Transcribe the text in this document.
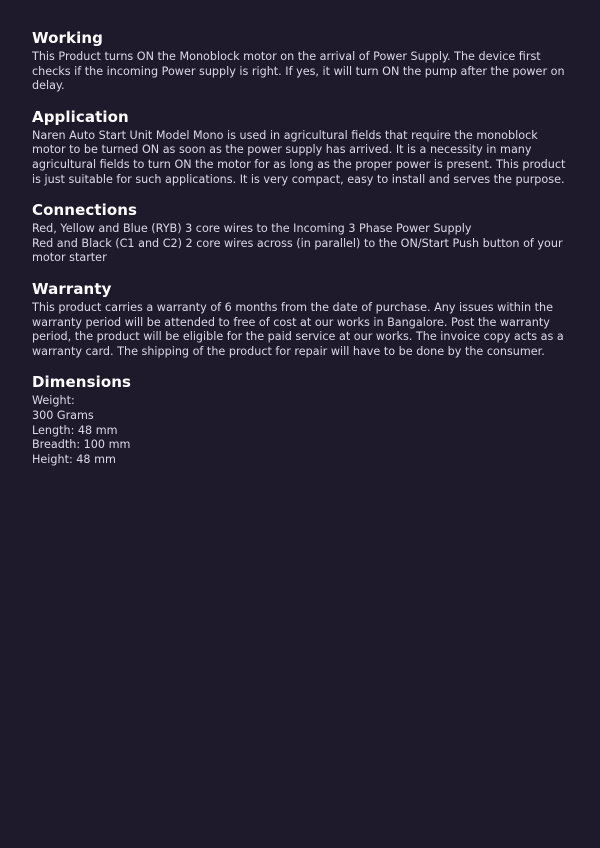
Working

This Product turns ON the Monoblock motor on the arrival of Power Supply. The device first checks if the incoming Power supply is right. If yes, it will turn ON the pump after the power on delay.

Application

Naren Auto Start Unit Model Mono is used in agricultural fields that require the monoblock motor to be turned ON as soon as the power supply has arrived. It is a necessity in many agricultural fields to turn ON the motor for as long as the proper power is present. This product is just suitable for such applications. It is very compact, easy to install and serves the purpose.

Connections

Red, Yellow and Blue (RYB) 3 core wires to the Incoming 3 Phase Power Supply

Red and Black (C1 and C2) 2 core wires across (in parallel) to the ON/Start Push button of your motor starter

Warranty

This product carries a warranty of 6 months from the date of purchase. Any issues within the warranty period will be attended to free of cost at our works in Bangalore. Post the warranty period, the product will be eligible for the paid service at our works. The invoice copy acts as a warranty card. The shipping of the product for repair will have to be done by the consumer.

Dimensions
Weight:
300 Grams
Length: 48 mm
Breadth: 100 mm
Height: 48 mm
